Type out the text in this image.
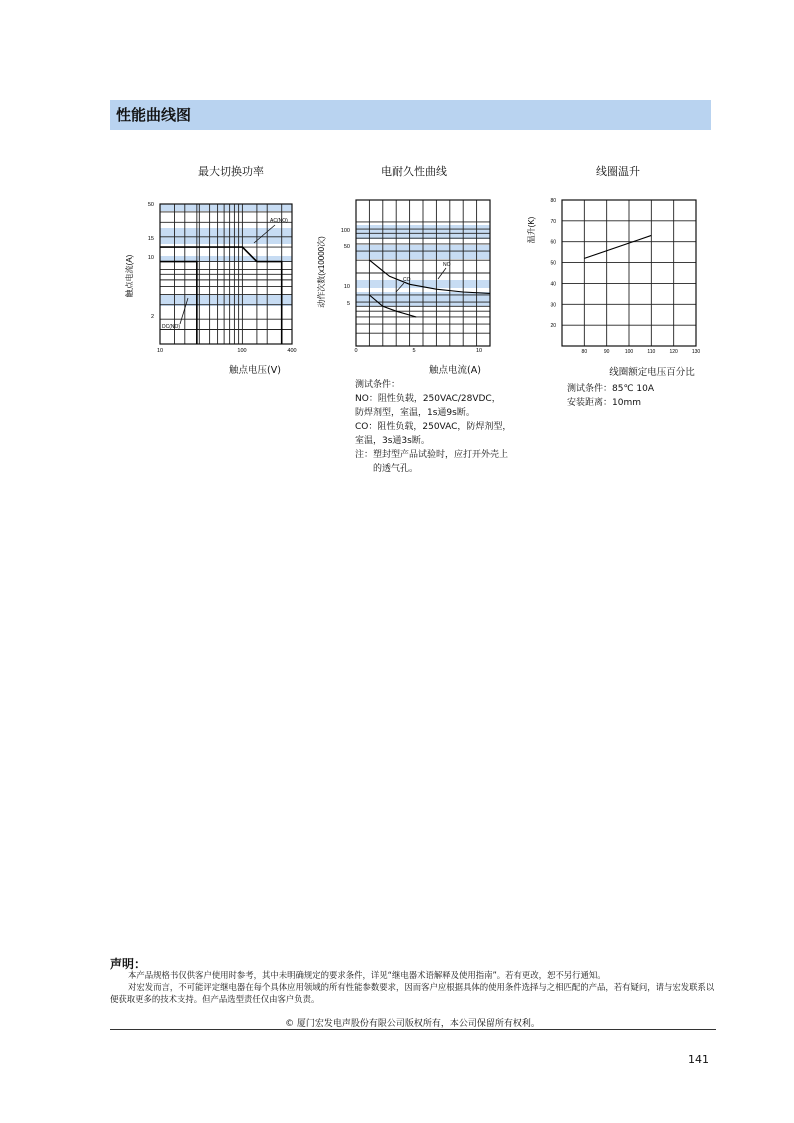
性能曲线图
最大切换功率	电耐久性曲线	线圈温升
50
15
10
2
10	100	400
AC(NO)
DC(NO)
触点电流(A)
触点电压(V)
100
50
10
5
0	5	10
NO
CO
动作次数(x10000次)
触点电流(A)
测试条件：
NO：阻性负载，250VAC/28VDC，
防焊剂型，室温，1s通9s断。
CO：阻性负载，250VAC，防焊剂型，
室温，3s通3s断。
注：塑封型产品试验时，应打开外壳上
的透气孔。
80	90	100	110	120	130
20
30
40
50
60
70
80
温升(K)
线圈额定电压百分比
测试条件：85℃ 10A
安装距离：10mm
声明：

本产品规格书仅供客户使用时参考，其中未明确规定的要求条件，详见“继电器术语解释及使用指南”。若有更改，恕不另行通知。

对宏发而言，不可能评定继电器在每个具体应用领域的所有性能参数要求，因而客户应根据具体的使用条件选择与之相匹配的产品，若有疑问，请与宏发联系以便获取更多的技术支持。但产品选型责任仅由客户负责。

© 厦门宏发电声股份有限公司版权所有，本公司保留所有权利。
141
